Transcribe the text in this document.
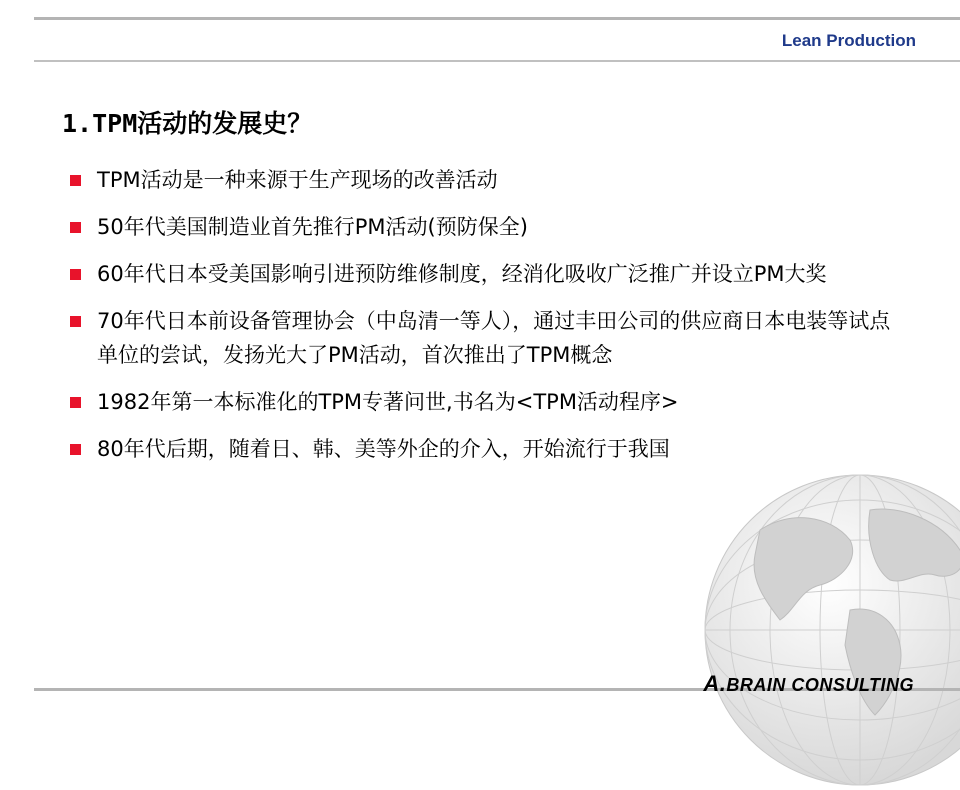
Lean Production
1.TPM活动的发展史？
TPM活动是一种来源于生产现场的改善活动
50年代美国制造业首先推行PM活动(预防保全)
60年代日本受美国影响引进预防维修制度，经消化吸收广泛推广并设立PM大奖
70年代日本前设备管理协会（中岛清一等人），通过丰田公司的供应商日本电装等试点单位的尝试，发扬光大了PM活动，首次推出了TPM概念
1982年第一本标准化的TPM专著问世,书名为<TPM活动程序>
80年代后期，随着日、韩、美等外企的介入，开始流行于我国
A.BRAIN CONSULTING
